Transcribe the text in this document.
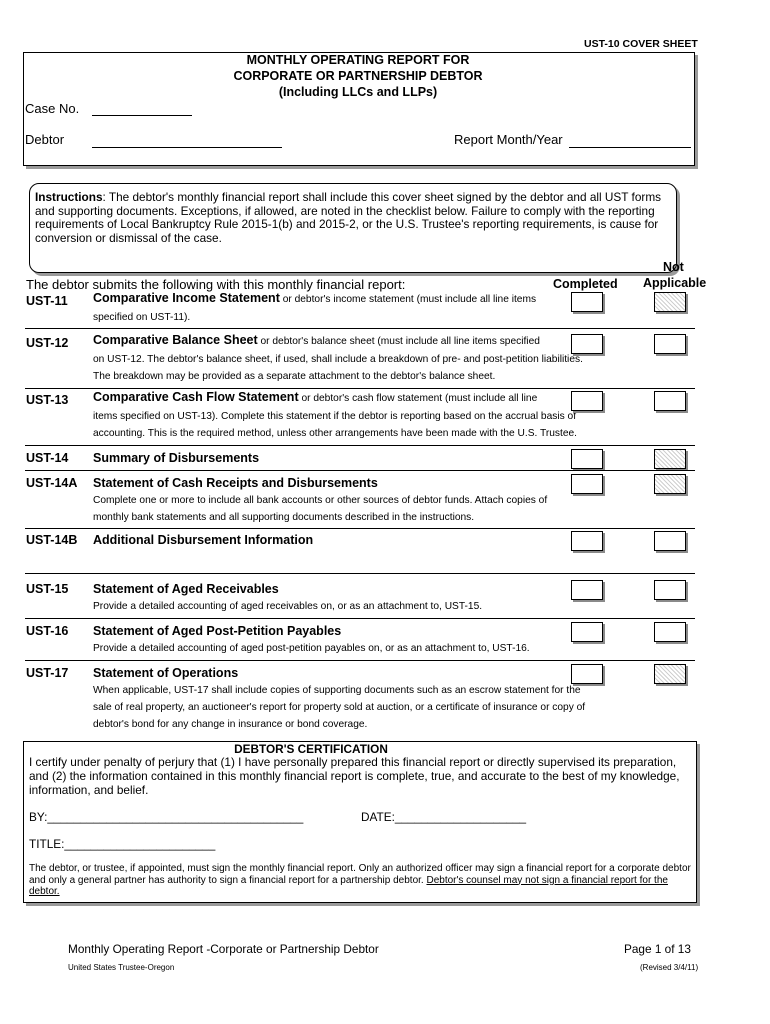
UST-10 COVER SHEET
MONTHLY OPERATING REPORT FOR
CORPORATE OR PARTNERSHIP DEBTOR
(Including LLCs and LLPs)
Case No.
Debtor	Report Month/Year
Instructions: The debtor's monthly financial report shall include this cover sheet signed by the debtor and all UST forms and supporting documents. Exceptions, if allowed, are noted in the checklist below. Failure to comply with the reporting requirements of Local Bankruptcy Rule 2015-1(b) and 2015-2, or the U.S. Trustee's reporting requirements, is cause for conversion or dismissal of the case.
The debtor submits the following with this monthly financial report:	Completed
Not
Applicable
UST-11 Comparative Income Statement or debtor's income statement (must include all line items
specified on UST-11).
UST-12 Comparative Balance Sheet or debtor's balance sheet (must include all line items specified
on UST-12. The debtor's balance sheet, if used, shall include a breakdown of pre- and post-petition liabilities.
The breakdown may be provided as a separate attachment to the debtor's balance sheet.
UST-13 Comparative Cash Flow Statement or debtor's cash flow statement (must include all line
items specified on UST-13). Complete this statement if the debtor is reporting based on the accrual basis of
accounting. This is the required method, unless other arrangements have been made with the U.S. Trustee.
UST-14 Summary of Disbursements
UST-14A Statement of Cash Receipts and Disbursements
Complete one or more to include all bank accounts or other sources of debtor funds. Attach copies of
monthly bank statements and all supporting documents described in the instructions.
UST-14B Additional Disbursement Information
UST-15 Statement of Aged Receivables
Provide a detailed accounting of aged receivables on, or as an attachment to, UST-15.
UST-16 Statement of Aged Post-Petition Payables
Provide a detailed accounting of aged post-petition payables on, or as an attachment to, UST-16.
UST-17 Statement of Operations
When applicable, UST-17 shall include copies of supporting documents such as an escrow statement for the
sale of real property, an auctioneer's report for property sold at auction, or a certificate of insurance or copy of
debtor's bond for any change in insurance or bond coverage.
DEBTOR'S CERTIFICATION
I certify under penalty of perjury that (1) I have personally prepared this financial report or directly supervised its preparation, and (2) the information contained in this monthly financial report is complete, true, and accurate to the best of my knowledge, information, and belief.
BY:_______________________________________	DATE:____________________
TITLE:_______________________
The debtor, or trustee, if appointed, must sign the monthly financial report. Only an authorized officer may sign a financial report for a corporate debtor and only a general partner has authority to sign a financial report for a partnership debtor. Debtor's counsel may not sign a financial report for the debtor.
Monthly Operating Report -Corporate or Partnership Debtor	Page 1 of 13
United States Trustee-Oregon	(Revised 3/4/11)
